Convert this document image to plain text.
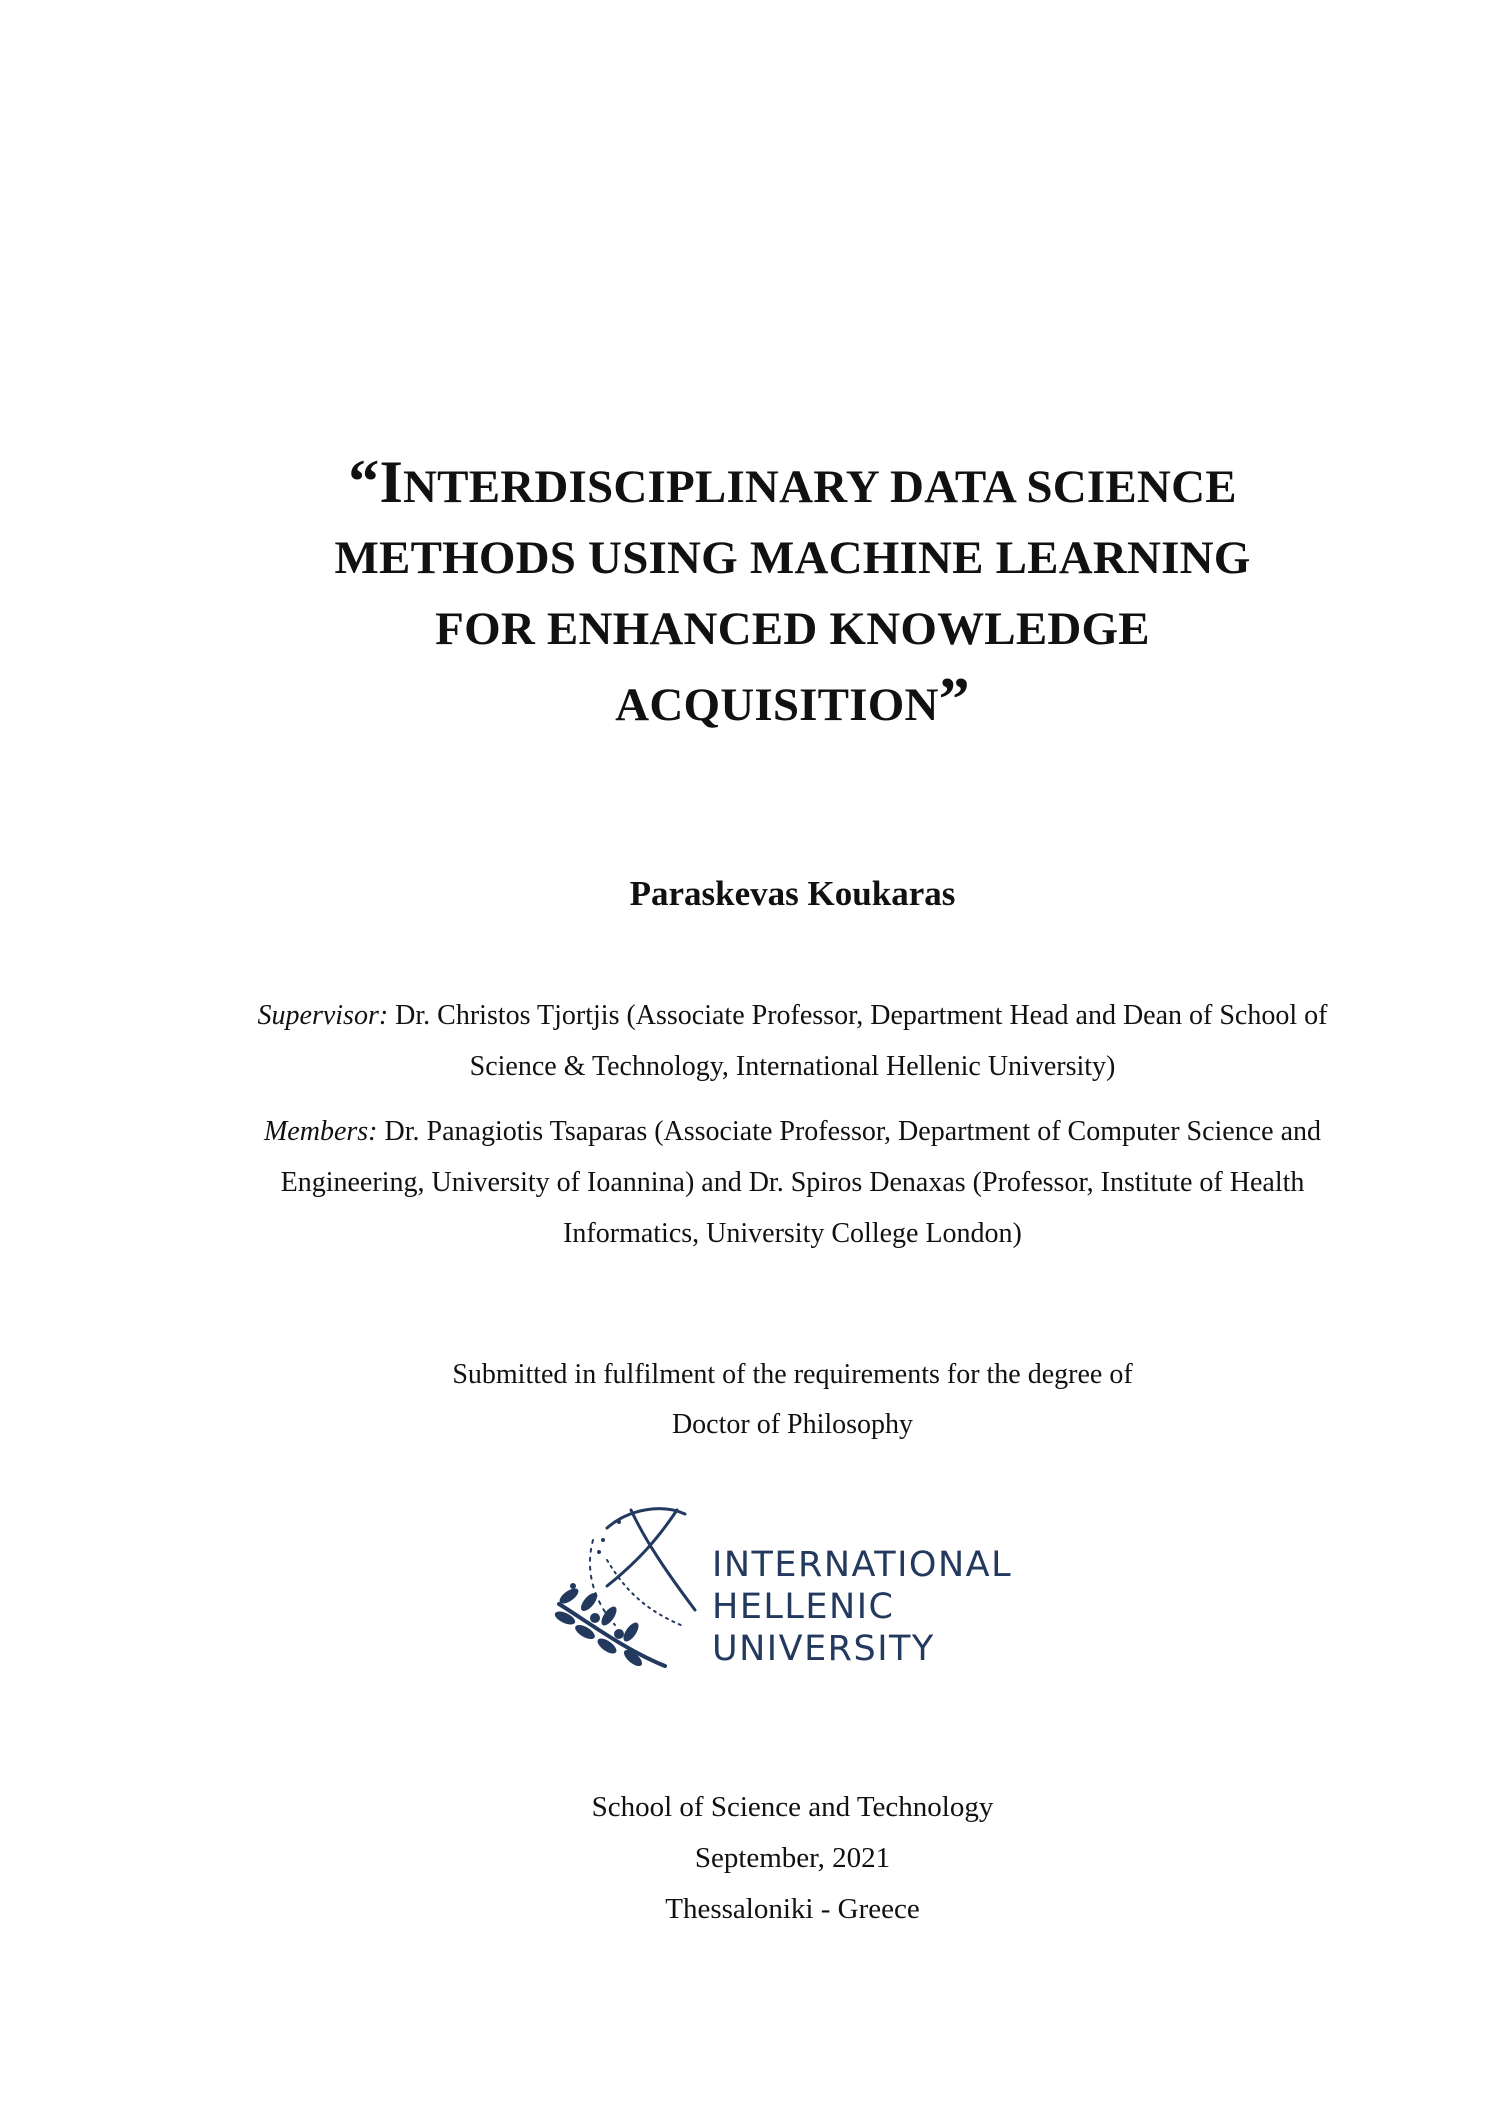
“INTERDISCIPLINARY DATA SCIENCE
METHODS USING MACHINE LEARNING
FOR ENHANCED KNOWLEDGE
ACQUISITION”
Paraskevas Koukaras

Supervisor: Dr. Christos Tjortjis (Associate Professor, Department Head and Dean of School of Science & Technology, International Hellenic University)

Members: Dr. Panagiotis Tsaparas (Associate Professor, Department of Computer Science and Engineering, University of Ioannina) and Dr. Spiros Denaxas (Professor, Institute of Health Informatics, University College London)

Submitted in fulfilment of the requirements for the degree of
Doctor of Philosophy
INTERNATIONAL
HELLENIC
UNIVERSITY
School of Science and Technology
September, 2021
Thessaloniki - Greece
